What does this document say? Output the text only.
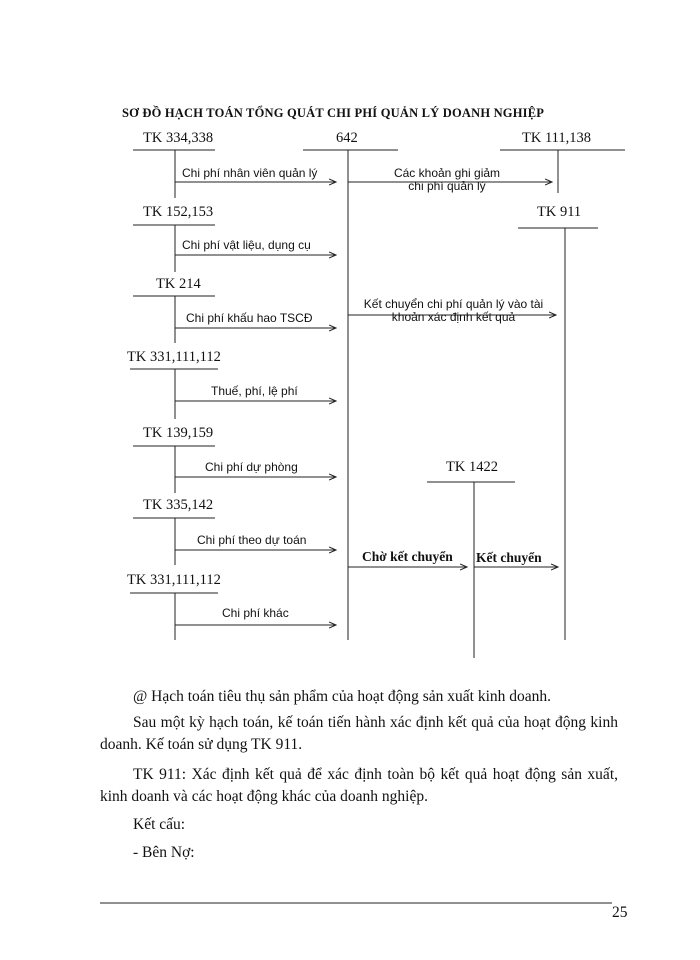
SƠ ĐỒ HẠCH TOÁN TỔNG QUÁT CHI PHÍ QUẢN LÝ DOANH NGHIỆP
642	TK 111,138
TK 911
TK 1422
TK 334,338
TK 152,153
TK 214
TK 331,111,112
TK 139,159
TK 335,142
TK 331,111,112
Chi phí nhân viên quản lý
Chi phí vật liệu, dụng cụ
Chi phí khấu hao TSCĐ
Thuế, phí, lệ phí
Chi phí dự phòng
Chi phí theo dự toán
Chi phí khác
Các khoản ghi giảm
chi phí quản lý
Kết chuyển chi phí quản lý vào tài
khoản xác định kết quả
Chờ kết chuyển Kết chuyển
@ Hạch toán tiêu thụ sản phẩm của hoạt động sản xuất kinh doanh.
Sau một kỳ hạch toán, kế toán tiến hành xác định kết quả của hoạt động kinh doanh. Kế toán sử dụng TK 911.
TK 911: Xác định kết quả để xác định toàn bộ kết quả hoạt động sản xuất, kinh doanh và các hoạt động khác của doanh nghiệp.
Kết cấu:
- Bên Nợ:
25
